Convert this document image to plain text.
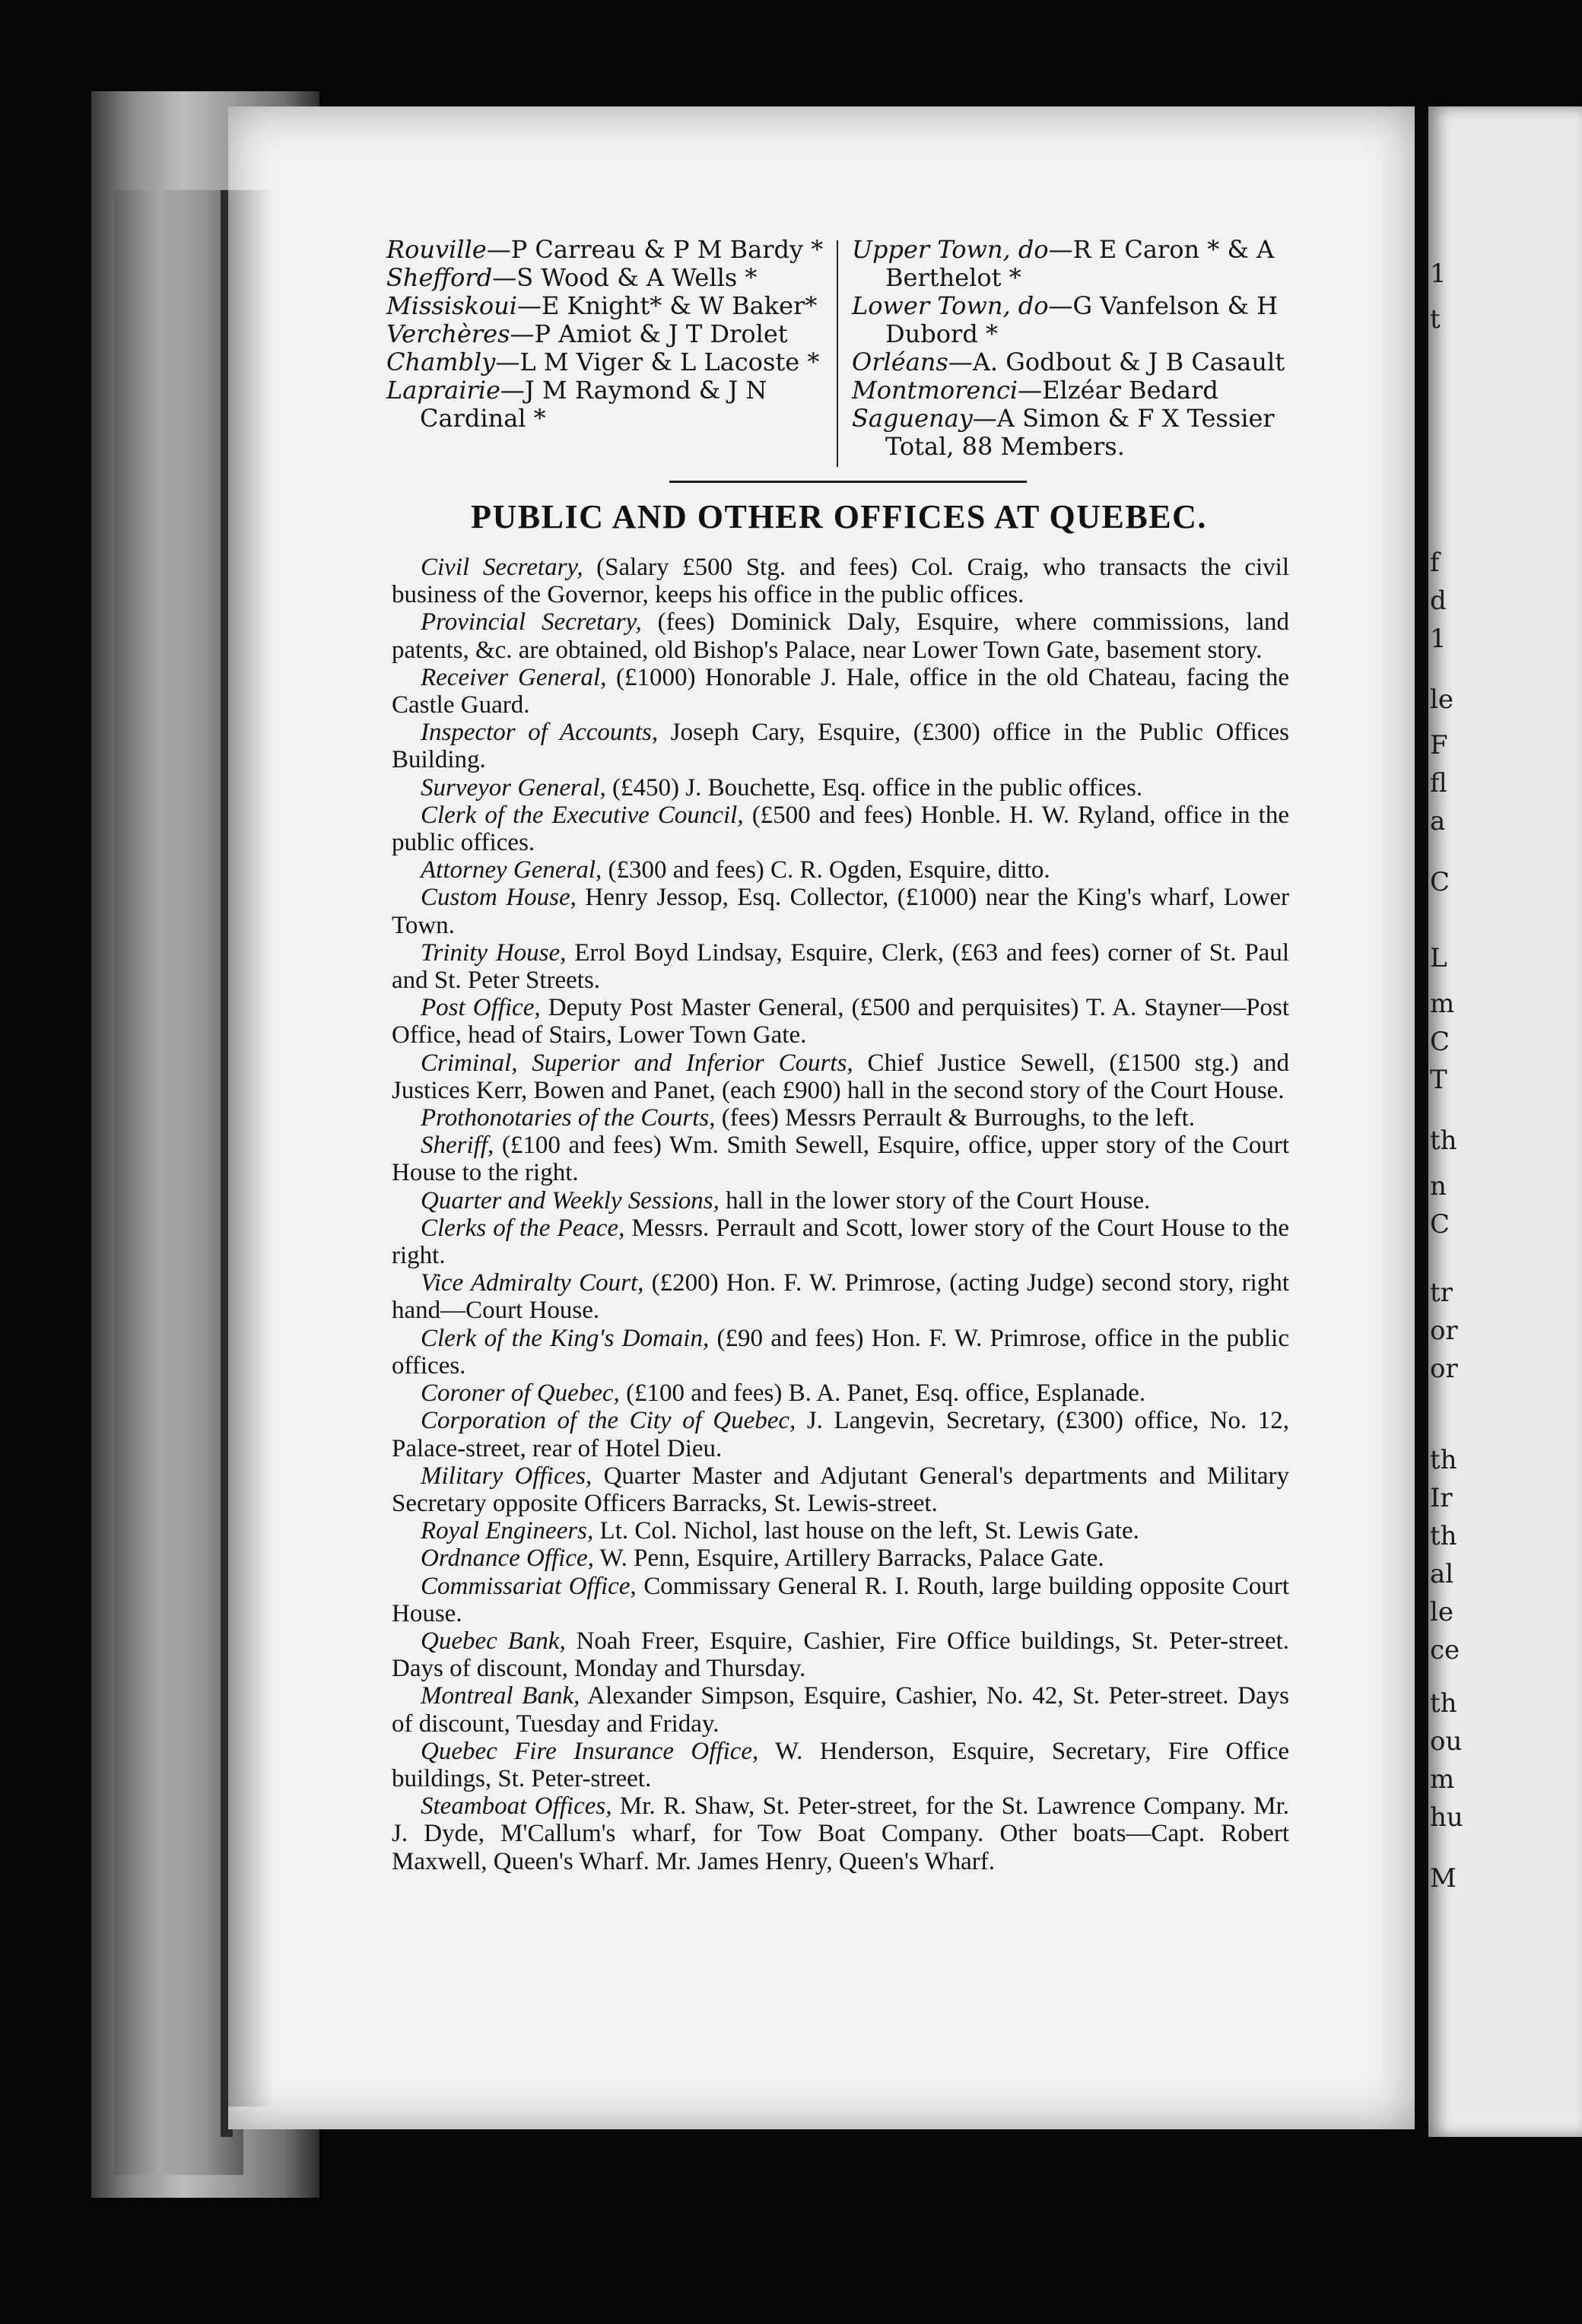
1
t
f
d
1
le
F
fl
a
C
L
m
C
T
th
n
C
tr
or
or
th
Ir
th
al
le
ce
th
ou
m
hu
M
Rouville—P Carreau & P M Bardy *
Shefford—S Wood & A Wells *
Missiskoui—E Knight* & W Baker*
Verchères—P Amiot & J T Drolet
Chambly—L M Viger & L Lacoste *
Laprairie—J M Raymond & J N
Cardinal *
Upper Town, do—R E Caron * & A
Berthelot *
Lower Town, do—G Vanfelson & H
Dubord *
Orléans—A. Godbout & J B Casault
Montmorenci—Elzéar Bedard
Saguenay—A Simon & F X Tessier
Total, 88 Members.
PUBLIC AND OTHER OFFICES AT QUEBEC.

Civil Secretary, (Salary £500 Stg. and fees) Col. Craig, who transacts the civil business of the Governor, keeps his office in the public offices.

Provincial Secretary, (fees) Dominick Daly, Esquire, where commissions, land patents, &c. are obtained, old Bishop's Palace, near Lower Town Gate, basement story.

Receiver General, (£1000) Honorable J. Hale, office in the old Chateau, facing the Castle Guard.

Inspector of Accounts, Joseph Cary, Esquire, (£300) office in the Public Offices Building.

Surveyor General, (£450) J. Bouchette, Esq. office in the public offices.

Clerk of the Executive Council, (£500 and fees) Honble. H. W. Ryland, office in the public offices.

Attorney General, (£300 and fees) C. R. Ogden, Esquire, ditto.

Custom House, Henry Jessop, Esq. Collector, (£1000) near the King's wharf, Lower Town.

Trinity House, Errol Boyd Lindsay, Esquire, Clerk, (£63 and fees) corner of St. Paul and St. Peter Streets.

Post Office, Deputy Post Master General, (£500 and perquisites) T. A. Stayner—Post Office, head of Stairs, Lower Town Gate.

Criminal, Superior and Inferior Courts, Chief Justice Sewell, (£1500 stg.) and Justices Kerr, Bowen and Panet, (each £900) hall in the second story of the Court House.

Prothonotaries of the Courts, (fees) Messrs Perrault & Burroughs, to the left.

Sheriff, (£100 and fees) Wm. Smith Sewell, Esquire, office, upper story of the Court House to the right.

Quarter and Weekly Sessions, hall in the lower story of the Court House.

Clerks of the Peace, Messrs. Perrault and Scott, lower story of the Court House to the right.

Vice Admiralty Court, (£200) Hon. F. W. Primrose, (acting Judge) second story, right hand—Court House.

Clerk of the King's Domain, (£90 and fees) Hon. F. W. Primrose, office in the public offices.

Coroner of Quebec, (£100 and fees) B. A. Panet, Esq. office, Esplanade.

Corporation of the City of Quebec, J. Langevin, Secretary, (£300) office, No. 12, Palace-street, rear of Hotel Dieu.

Military Offices, Quarter Master and Adjutant General's departments and Military Secretary opposite Officers Barracks, St. Lewis-street.

Royal Engineers, Lt. Col. Nichol, last house on the left, St. Lewis Gate.

Ordnance Office, W. Penn, Esquire, Artillery Barracks, Palace Gate.

Commissariat Office, Commissary General R. I. Routh, large building opposite Court House.

Quebec Bank, Noah Freer, Esquire, Cashier, Fire Office buildings, St. Peter-street. Days of discount, Monday and Thursday.

Montreal Bank, Alexander Simpson, Esquire, Cashier, No. 42, St. Peter-street. Days of discount, Tuesday and Friday.

Quebec Fire Insurance Office, W. Henderson, Esquire, Secretary, Fire Office buildings, St. Peter-street.

Steamboat Offices, Mr. R. Shaw, St. Peter-street, for the St. Lawrence Company. Mr. J. Dyde, M'Callum's wharf, for Tow Boat Company. Other boats—Capt. Robert Maxwell, Queen's Wharf. Mr. James Henry, Queen's Wharf.
